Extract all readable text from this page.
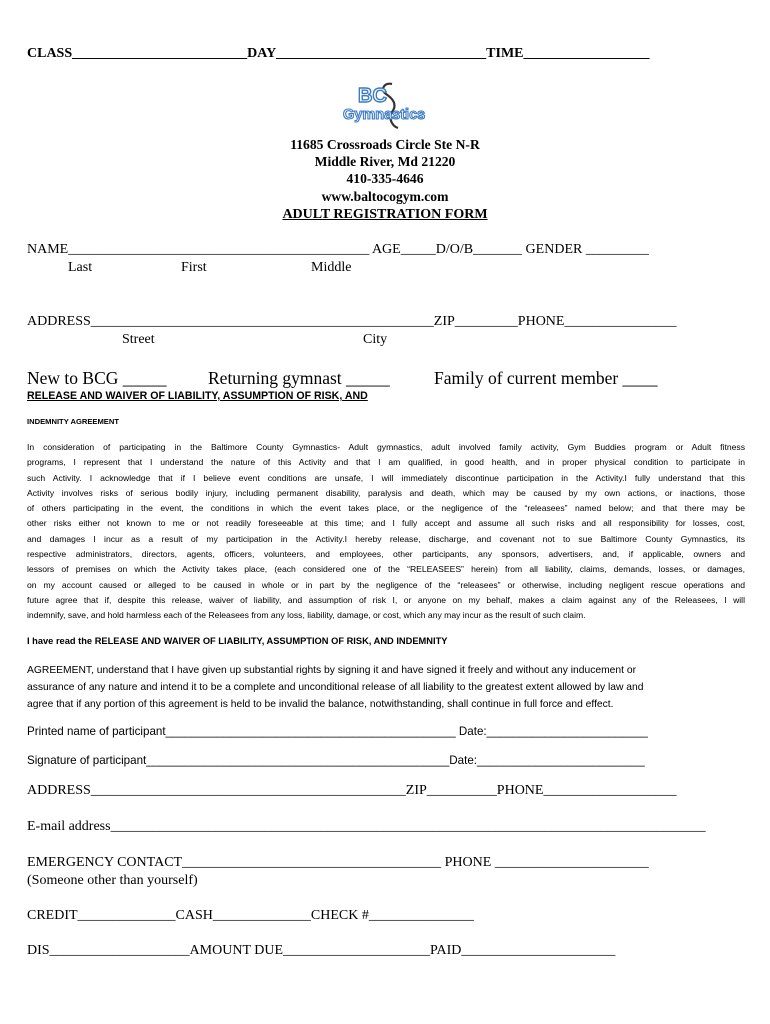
CLASS_________________________DAY______________________________TIME__________________
BC
Gymnastics
11685 Crossroads Circle Ste N-R
Middle River, Md 21220
410-335-4646
www.baltocogym.com
ADULT REGISTRATION FORM
NAME___________________________________________ AGE_____D/O/B_______ GENDER _________
Last	First	Middle
ADDRESS_________________________________________________ZIP_________PHONE________________
Street	City
New to BCG _____ Returning gymnast _____	Family of current member ____
RELEASE AND WAIVER OF LIABILITY, ASSUMPTION OF RISK, AND
INDEMNITY AGREEMENT
In consideration of participating in the Baltimore County Gymnastics- Adult gymnastics, adult involved family activity, Gym Buddies program or Adult fitness
programs, I represent that I understand the nature of this Activity and that I am qualified, in good health, and in proper physical condition to participate in
such Activity. I acknowledge that if I believe event conditions are unsafe, I will immediately discontinue participation in the Activity.I fully understand that this
Activity involves risks of serious bodily injury, including permanent disability, paralysis and death, which may be caused by my own actions, or inactions, those
of others participating in the event, the conditions in which the event takes place, or the negligence of the “releasees” named below; and that there may be
other risks either not known to me or not readily foreseeable at this time; and I fully accept and assume all such risks and all responsibility for losses, cost,
and damages I incur as a result of my participation in the Activity.I hereby release, discharge, and covenant not to sue Baltimore County Gymnastics, its
respective administrators, directors, agents, officers, volunteers, and employees, other participants, any sponsors, advertisers, and, if applicable, owners and
lessors of premises on which the Activity takes place, (each considered one of the “RELEASEES” herein) from all liability, claims, demands, losses, or damages,
on my account caused or alleged to be caused in whole or in part by the negligence of the “releasees” or otherwise, including negligent rescue operations and
future agree that if, despite this release, waiver of liability, and assumption of risk I, or anyone on my behalf, makes a claim against any of the Releasees, I will
indemnify, save, and hold harmless each of the Releasees from any loss, liability, damage, or cost, which any may incur as the result of such claim.
I have read the RELEASE AND WAIVER OF LIABILITY, ASSUMPTION OF RISK, AND INDEMNITY
AGREEMENT, understand that I have given up substantial rights by signing it and have signed it freely and without any inducement or
assurance of any nature and intend it to be a complete and unconditional release of all liability to the greatest extent allowed by law and
agree that if any portion of this agreement is held to be invalid the balance, notwithstanding, shall continue in full force and effect.
Printed name of participant_____________________________________________ Date:_________________________
Signature of participant_______________________________________________Date:__________________________
ADDRESS_____________________________________________ZIP__________PHONE___________________
E-mail address_____________________________________________________________________________________
EMERGENCY CONTACT_____________________________________ PHONE ______________________
(Someone other than yourself)
CREDIT______________CASH______________CHECK #_______________
DIS____________________AMOUNT DUE_____________________PAID______________________
